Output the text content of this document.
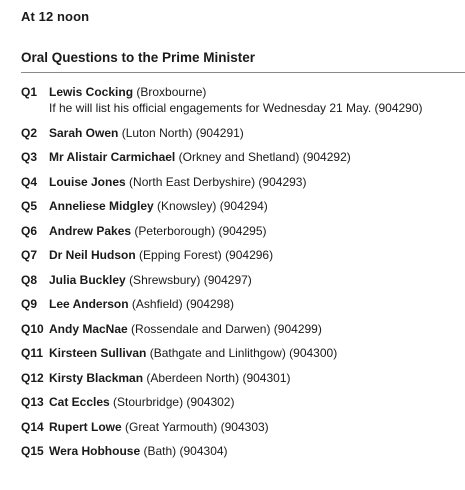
At 12 noon
Oral Questions to the Prime Minister
Q1 Lewis Cocking (Broxbourne)
If he will list his official engagements for Wednesday 21 May. (904290)
Q2 Sarah Owen (Luton North) (904291)
Q3 Mr Alistair Carmichael (Orkney and Shetland) (904292)
Q4 Louise Jones (North East Derbyshire) (904293)
Q5 Anneliese Midgley (Knowsley) (904294)
Q6 Andrew Pakes (Peterborough) (904295)
Q7 Dr Neil Hudson (Epping Forest) (904296)
Q8 Julia Buckley (Shrewsbury) (904297)
Q9 Lee Anderson (Ashfield) (904298)
Q10 Andy MacNae (Rossendale and Darwen) (904299)
Q11 Kirsteen Sullivan (Bathgate and Linlithgow) (904300)
Q12 Kirsty Blackman (Aberdeen North) (904301)
Q13 Cat Eccles (Stourbridge) (904302)
Q14 Rupert Lowe (Great Yarmouth) (904303)
Q15 Wera Hobhouse (Bath) (904304)
